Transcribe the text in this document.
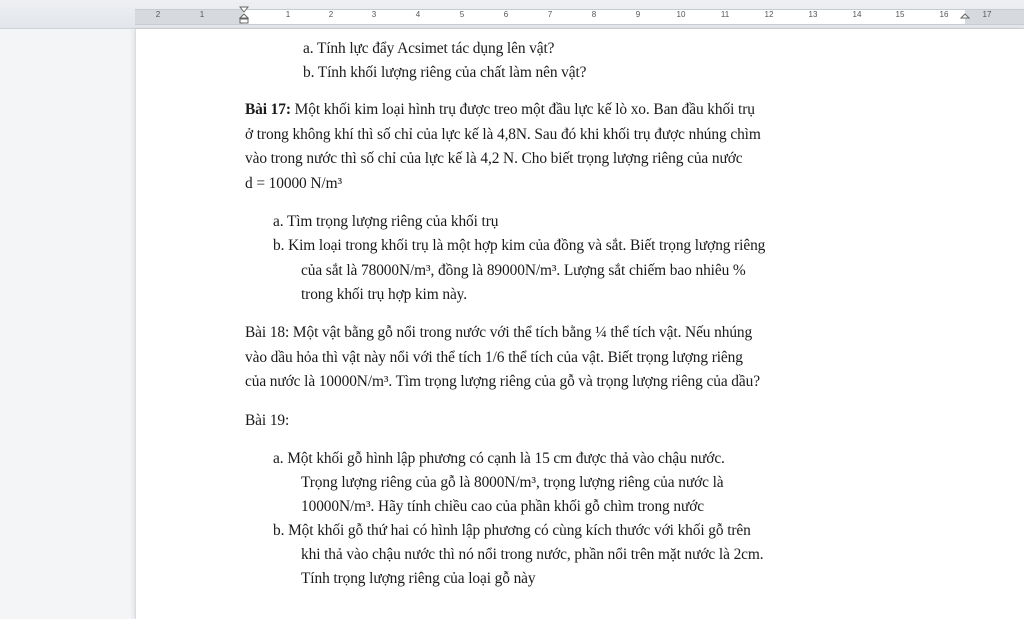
2	1	1	2	3	4	5	6	7	8	9	10	11	12	13	14	15	16	17
a. Tính lực đẩy Acsimet tác dụng lên vật?
b. Tính khối lượng riêng của chất làm nên vật?
Bài 17: Một khối kim loại hình trụ được treo một đầu lực kế lò xo. Ban đầu khối trụ
ở trong không khí thì số chỉ của lực kế là 4,8N. Sau đó khi khối trụ được nhúng chìm
vào trong nước thì số chỉ của lực kế là 4,2 N. Cho biết trọng lượng riêng của nước
d = 10000 N/m³
a. Tìm trọng lượng riêng của khối trụ
b. Kim loại trong khối trụ là một hợp kim của đồng và sắt. Biết trọng lượng riêng
của sắt là 78000N/m³, đồng là 89000N/m³. Lượng sắt chiếm bao nhiêu %
trong khối trụ hợp kim này.
Bài 18: Một vật bằng gỗ nổi trong nước với thể tích bằng ¼ thể tích vật. Nếu nhúng
vào dầu hỏa thì vật này nổi với thể tích 1/6 thể tích của vật. Biết trọng lượng riêng
của nước là 10000N/m³. Tìm trọng lượng riêng của gỗ và trọng lượng riêng của dầu?
Bài 19:
a. Một khối gỗ hình lập phương có cạnh là 15 cm được thả vào chậu nước.
Trọng lượng riêng của gỗ là 8000N/m³, trọng lượng riêng của nước là
10000N/m³. Hãy tính chiều cao của phần khối gỗ chìm trong nước
b. Một khối gỗ thứ hai có hình lập phương có cùng kích thước với khối gỗ trên
khi thả vào chậu nước thì nó nổi trong nước, phần nổi trên mặt nước là 2cm.
Tính trọng lượng riêng của loại gỗ này
